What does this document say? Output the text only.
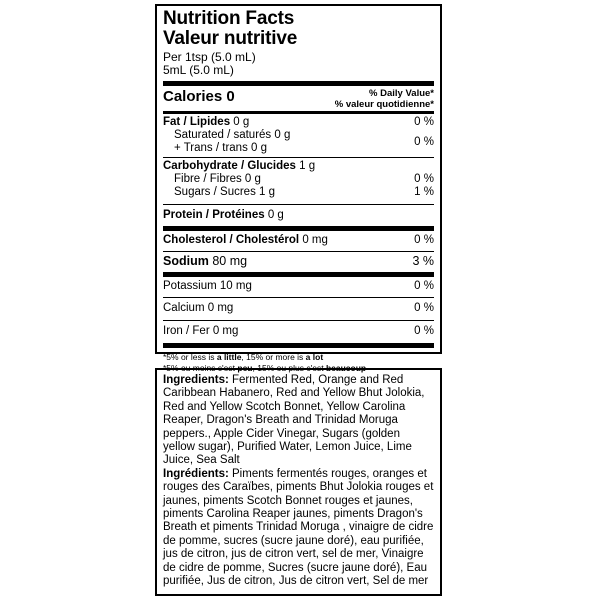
Nutrition Facts
Valeur nutritive
Per 1tsp (5.0 mL)
5mL (5.0 mL)
Calories 0	% Daily Value*
% valeur quotidienne*
Fat / Lipides 0 g	0 %
Saturated / saturés 0 g
+ Trans / trans 0 g
0 %
Carbohydrate / Glucides 1 g
Fibre / Fibres 0 g	0 %
Sugars / Sucres 1 g	1 %
Protein / Protéines 0 g
Cholesterol / Cholestérol 0 mg	0 %
Sodium 80 mg	3 %
Potassium 10 mg	0 %
Calcium 0 mg	0 %
Iron / Fer 0 mg	0 %
*5% or less is a little, 15% or more is a lot
*5% ou moins c'est peu, 15% ou plus c'est beaucoup

Ingredients: Fermented Red, Orange and Red Caribbean Habanero, Red and Yellow Bhut Jolokia, Red and Yellow Scotch Bonnet, Yellow Carolina Reaper, Dragon's Breath and Trinidad Moruga peppers., Apple Cider Vinegar, Sugars (golden yellow sugar), Purified Water, Lemon Juice, Lime Juice, Sea Salt

Ingrédients: Piments fermentés rouges, oranges et rouges des Caraïbes, piments Bhut Jolokia rouges et jaunes, piments Scotch Bonnet rouges et jaunes, piments Carolina Reaper jaunes, piments Dragon's Breath et piments Trinidad Moruga , vinaigre de cidre de pomme, sucres (sucre jaune doré), eau purifiée, jus de citron, jus de citron vert, sel de mer, Vinaigre de cidre de pomme, Sucres (sucre jaune doré), Eau purifiée, Jus de citron, Jus de citron vert, Sel de mer
